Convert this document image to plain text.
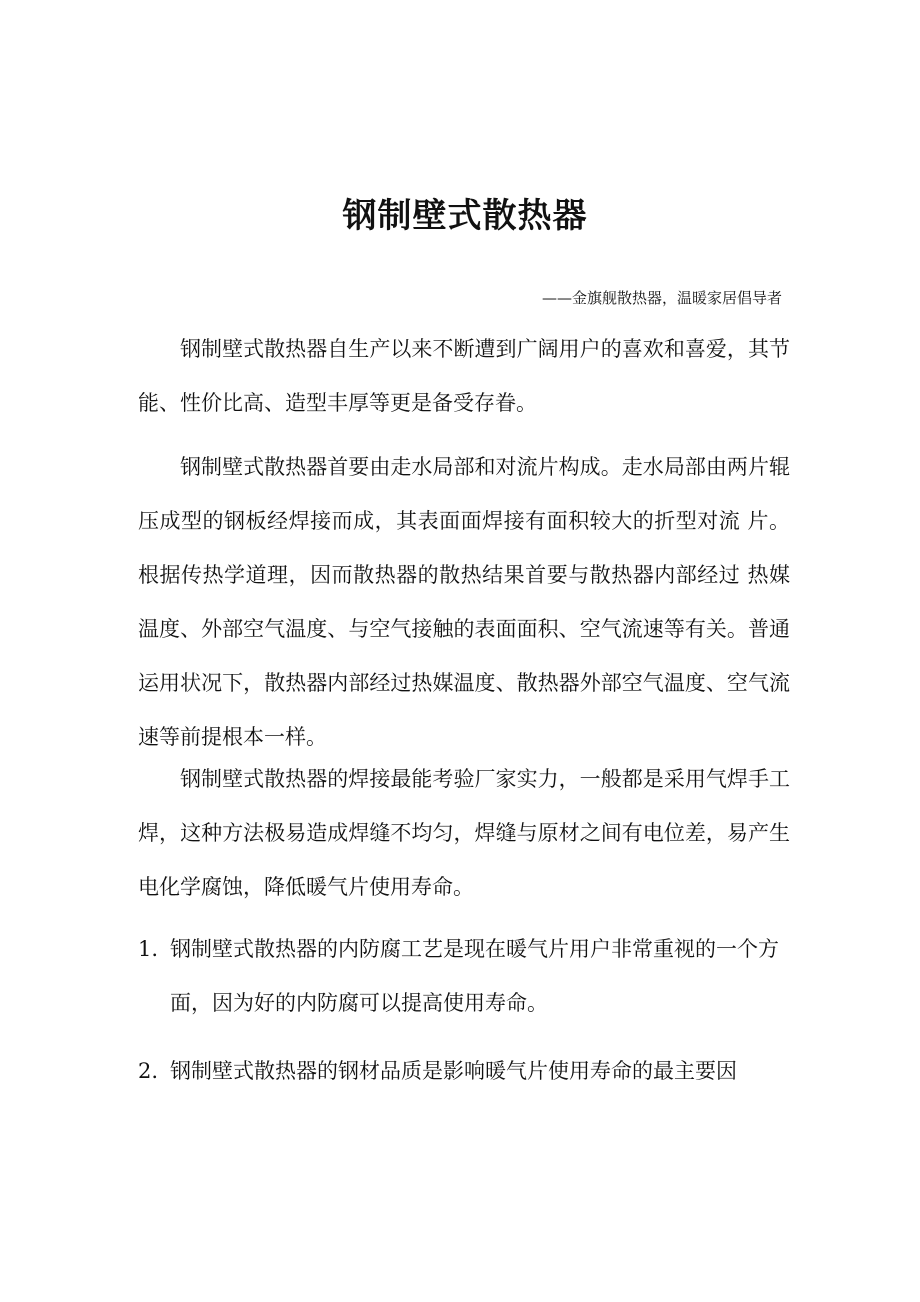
钢制壁式散热器

——金旗舰散热器，温暖家居倡导者

钢制壁式散热器自生产以来不断遭到广阔用户的喜欢和喜爱，其节能、性价比高、造型丰厚等更是备受存眷。

钢制壁式散热器首要由走水局部和对流片构成。走水局部由两片辊压成型的钢板经焊接而成，其表面面焊接有面积较大的折型对流 片。根据传热学道理，因而散热器的散热结果首要与散热器内部经过 热媒温度、外部空气温度、与空气接触的表面面积、空气流速等有关。普通运用状况下，散热器内部经过热媒温度、散热器外部空气温度、空气流速等前提根本一样。

钢制壁式散热器的焊接最能考验厂家实力，一般都是采用气焊手工焊，这种方法极易造成焊缝不均匀，焊缝与原材之间有电位差，易产生电化学腐蚀，降低暖气片使用寿命。

1. 钢制壁式散热器的内防腐工艺是现在暖气片用户非常重视的一个方面，因为好的内防腐可以提高使用寿命。
2. 钢制壁式散热器的钢材品质是影响暖气片使用寿命的最主要因
